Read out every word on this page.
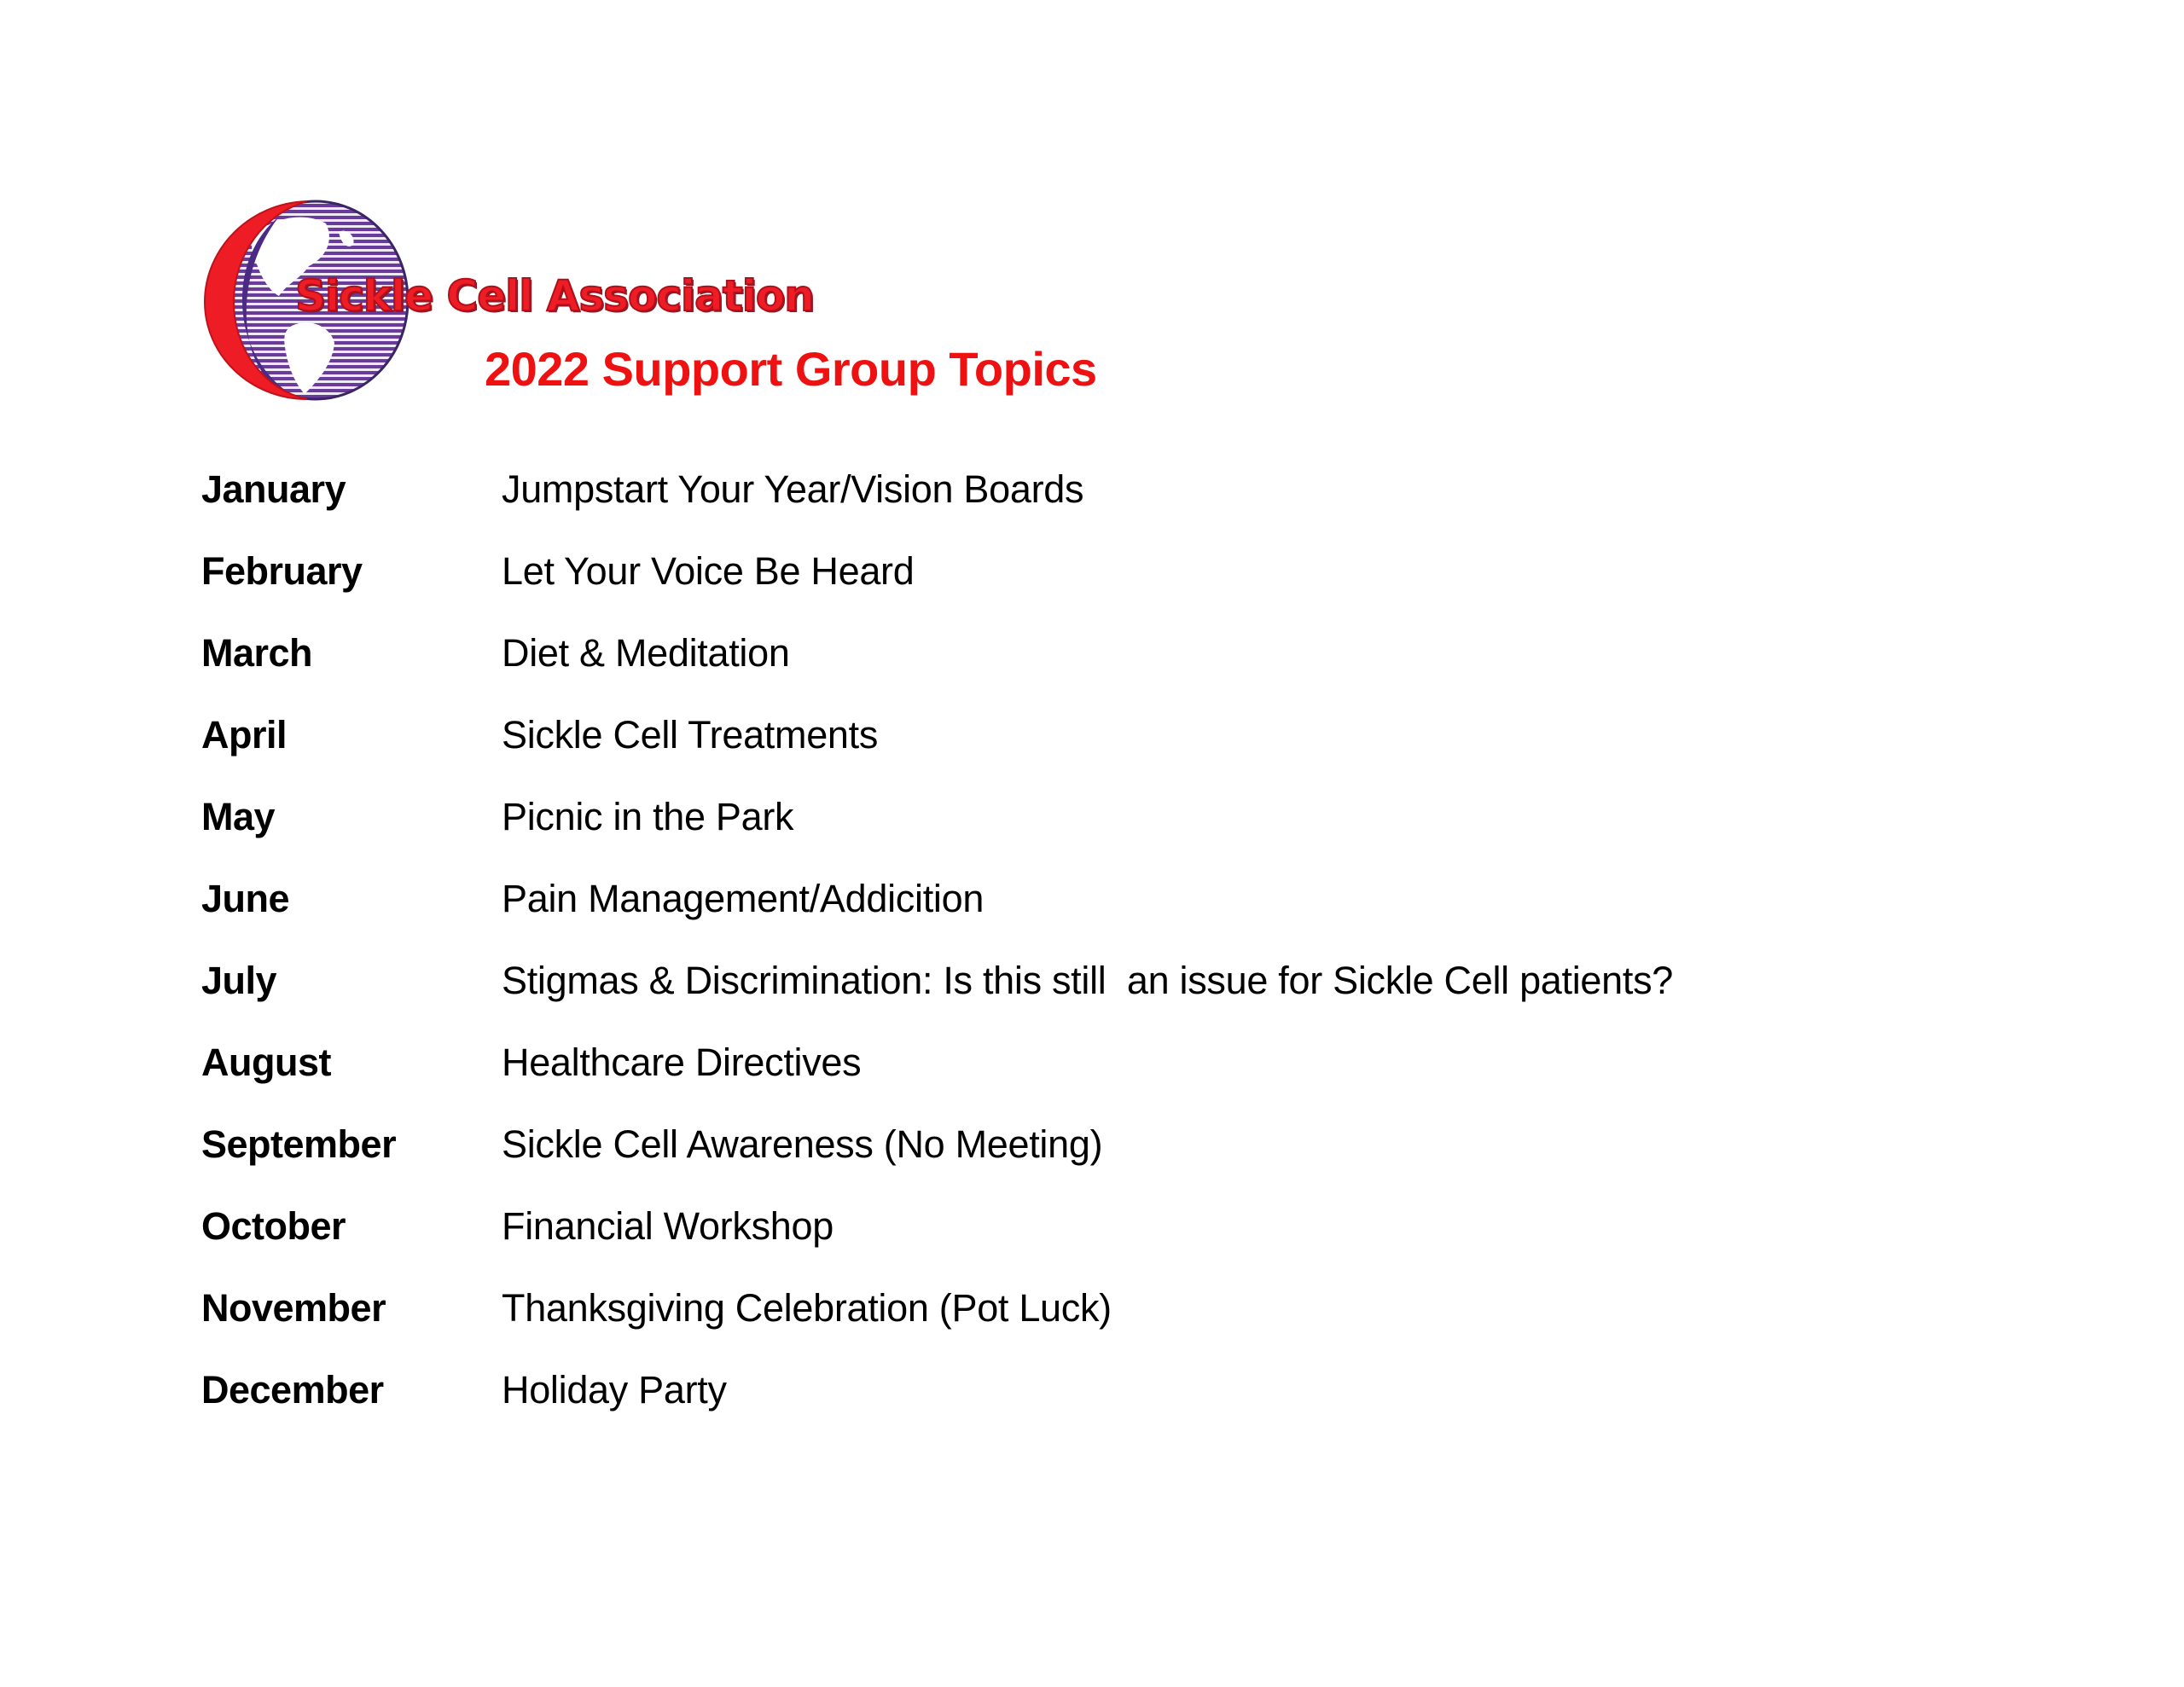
Sickle Cell Association
2022 Support Group Topics
January	Jumpstart Your Year/Vision Boards
February	Let Your Voice Be Heard
March	Diet & Meditation
April	Sickle Cell Treatments
May	Picnic in the Park
June	Pain Management/Addicition
July	Stigmas & Discrimination: Is this still  an issue for Sickle Cell patients?
August	Healthcare Directives
September	Sickle Cell Awareness (No Meeting)
October	Financial Workshop
November	Thanksgiving Celebration (Pot Luck)
December	Holiday Party
